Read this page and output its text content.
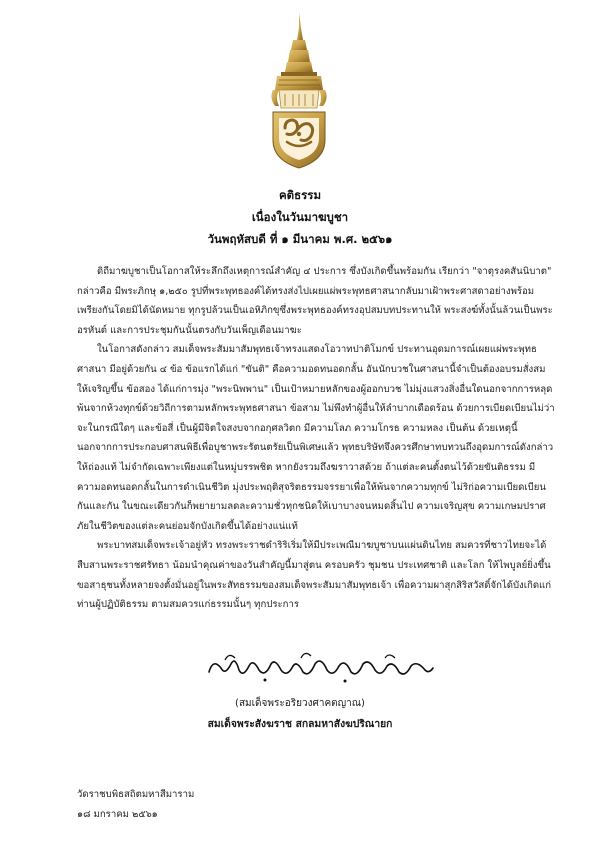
คติธรรม
เนื่องในวันมาฆบูชา
วันพฤหัสบดี ที่ ๑ มีนาคม พ.ศ. ๒๕๖๑

ดิถีมาฆบูชาเป็นโอกาสให้ระลึกถึงเหตุการณ์สำคัญ ๔ ประการ ซึ่งบังเกิดขึ้นพร้อมกัน เรียกว่า "จาตุรงคสันนิบาต" กล่าวคือ มีพระภิกษุ ๑,๒๕๐ รูปที่พระพุทธองค์ได้ทรงส่งไปเผยแผ่พระพุทธศาสนากลับมาเฝ้าพระศาสดาอย่างพร้อมเพรียงกันโดยมิได้นัดหมาย ทุกรูปล้วนเป็นเอหิภิกขุซึ่งพระพุทธองค์ทรงอุปสมบทประทานให้ พระสงฆ์ทั้งนั้นล้วนเป็นพระอรหันต์ และการประชุมกันนั้นตรงกับวันเพ็ญเดือนมาฆะ

ในโอกาสดังกล่าว สมเด็จพระสัมมาสัมพุทธเจ้าทรงแสดงโอวาทปาติโมกข์ ประทานอุดมการณ์เผยแผ่พระพุทธศาสนา มีอยู่ด้วยกัน ๔ ข้อ ข้อแรกได้แก่ "ขันติ" คือความอดทนอดกลั้น อันนักบวชในศาสนานี้จำเป็นต้องอบรมสั่งสมให้เจริญขึ้น ข้อสอง ได้แก่การมุ่ง "พระนิพพาน" เป็นเป้าหมายหลักของผู้ออกบวช ไม่มุ่งแสวงสิ่งอื่นใดนอกจากการหลุดพ้นจากห้วงทุกข์ด้วยวิถีการตามหลักพระพุทธศาสนา ข้อสาม ไม่พึงทำผู้อื่นให้ลำบากเดือดร้อน ด้วยการเบียดเบียนไม่ว่าจะในกรณีใดๆ และข้อสี่ เป็นผู้มีจิตใจสงบจากอกุศลวิตก มีความโลภ ความโกรธ ความหลง เป็นต้น ด้วยเหตุนี้ นอกจากการประกอบศาสนพิธีเพื่อบูชาพระรัตนตรัยเป็นพิเศษแล้ว พุทธบริษัทจึงควรศึกษาทบทวนถึงอุดมการณ์ดังกล่าวให้ถ่องแท้ ไม่จำกัดเฉพาะเพียงแต่ในหมู่บรรพชิต หากยังรวมถึงฆราวาสด้วย ถ้าแต่ละคนตั้งตนไว้ด้วยขันติธรรม มีความอดทนอดกลั้นในการดำเนินชีวิต มุ่งประพฤติสุจริตธรรมจรรยาเพื่อให้พ้นจากความทุกข์ ไม่ริก่อความเบียดเบียนกันและกัน ในขณะเดียวกันก็พยายามลดละความชั่วทุกชนิดให้เบาบางจนหมดสิ้นไป ความเจริญสุข ความเกษมปราศภัยในชีวิตของแต่ละคนย่อมจักบังเกิดขึ้นได้อย่างแน่แท้

พระบาทสมเด็จพระเจ้าอยู่หัว ทรงพระราชดำริริเริ่มให้มีประเพณีมาฆบูชาบนแผ่นดินไทย สมควรที่ชาวไทยจะได้สืบสานพระราชศรัทธา น้อมนำคุณค่าของวันสำคัญนี้มาสู่ตน ครอบครัว ชุมชน ประเทศชาติ และโลก ให้ไพบูลย์ยิ่งขึ้น ขอสาธุชนทั้งหลายจงตั้งมั่นอยู่ในพระสัทธรรมของสมเด็จพระสัมมาสัมพุทธเจ้า เพื่อความผาสุกสิริสวัสดิ์จักได้บังเกิดแก่ท่านผู้ปฏิบัติธรรม ตามสมควรแก่ธรรมนั้นๆ ทุกประการ

(สมเด็จพระอริยวงศาคตญาณ)
สมเด็จพระสังฆราช สกลมหาสังฆปริณายก
วัดราชบพิธสถิตมหาสีมาราม
๑๘ มกราคม ๒๕๖๑
